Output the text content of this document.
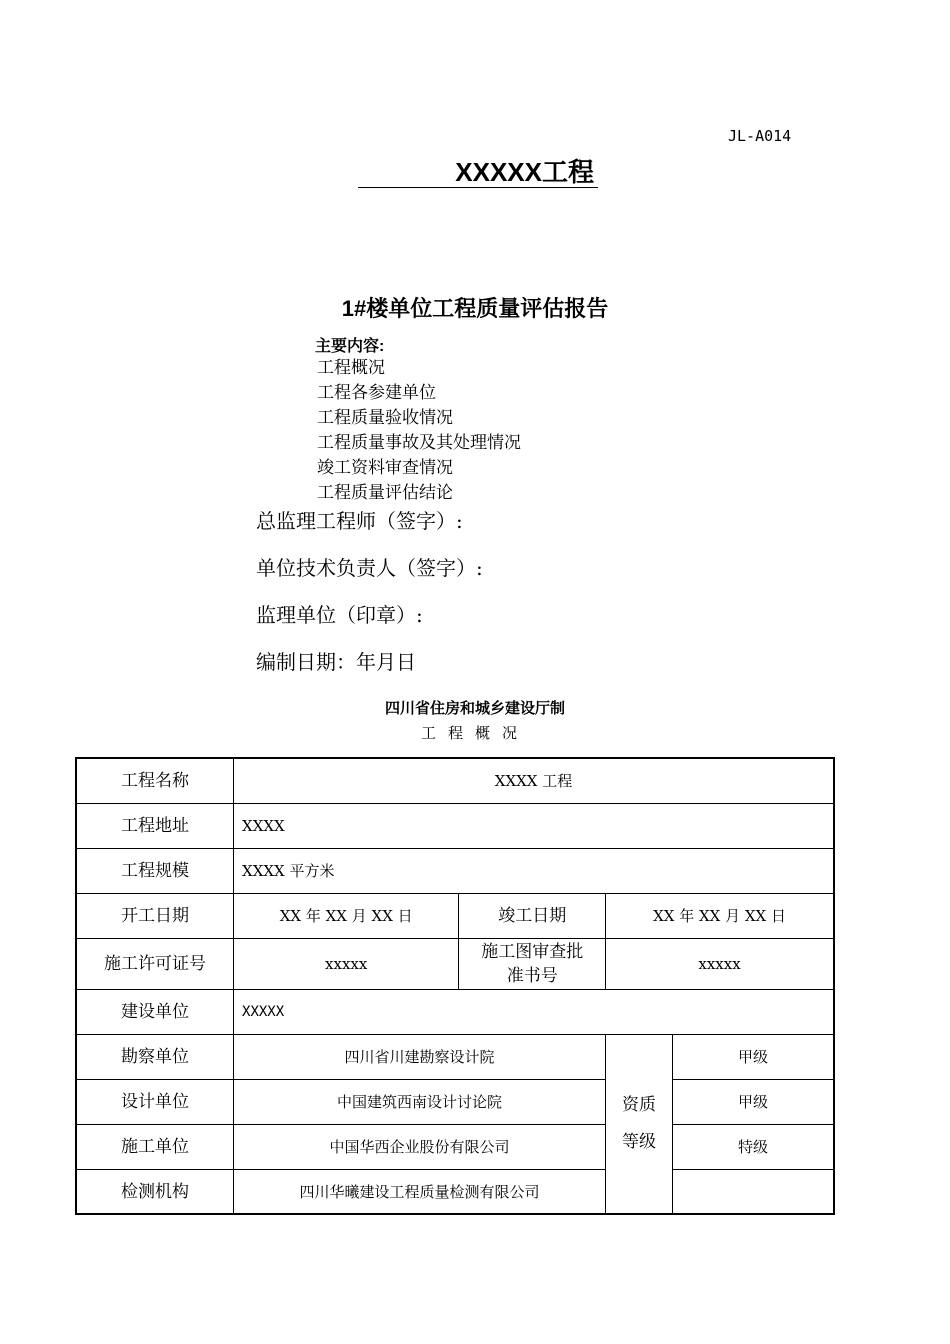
JL-A014
XXXXX工程
1#楼单位工程质量评估报告
主要内容:
工程概况
工程各参建单位
工程质量验收情况
工程质量事故及其处理情况
竣工资料审查情况
工程质量评估结论
总监理工程师（签字）:
单位技术负责人（签字）:
监理单位（印章）:
编制日期：年月日
四川省住房和城乡建设厅制
工程概况
工程名称	XXXX 工程			
工程地址	XXXX			
工程规模	XXXX 平方米			
开工日期	XX 年 XX 月 XX 日	竣工日期	XX 年 XX 月 XX 日	
施工许可证号	xxxxx	施工图审查批准书号	xxxxx	
建设单位	XXXXX			
勘察单位	四川省川建勘察设计院		资质等级	甲级
设计单位	中国建筑西南设计讨论院			甲级
施工单位	中国华西企业股份有限公司			特级
检测机构	四川华曦建设工程质量检测有限公司			
